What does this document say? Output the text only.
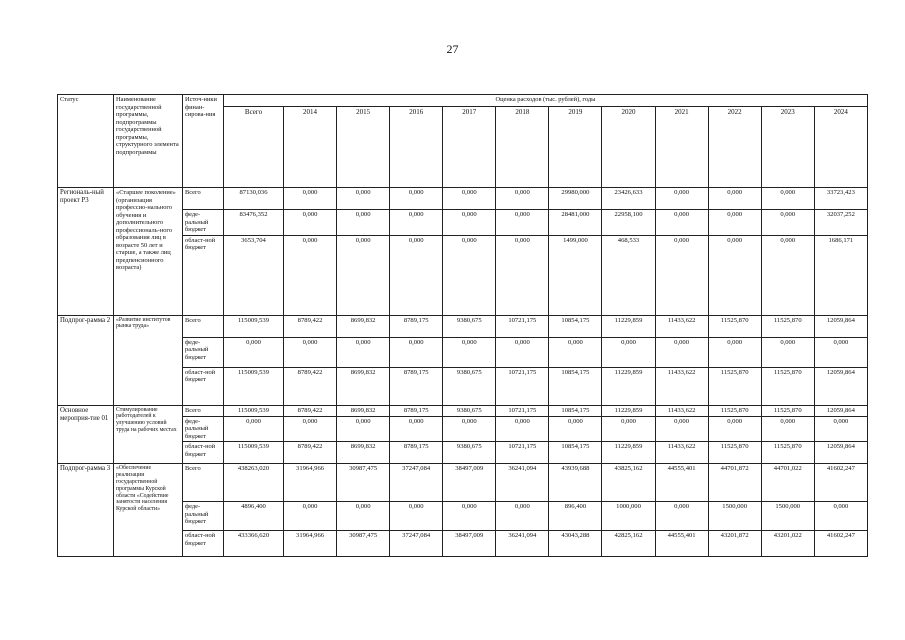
27
Статус	Наименование государственной программы, подпрограммы государственной программы, структурного элемента подпрограммы	Источ-ники финан-сирова-ния	Оценка расходов (тыс. рублей), годы											
			Всего	2014	2015	2016	2017	2018	2019	2020	2021	2022	2023	2024
Региональ-ный проект Р3	«Старшее поколение» (организация профессио-нального обучения и дополнительного профессиональ-ного образования лиц в возрасте 50 лет и старше, а также лиц предпенсионного возраста)	Всего	87130,036	0,000	0,000	0,000	0,000	0,000	29980,000	23426,633	0,000	0,000	0,000	33723,423
		феде-ральный бюджет	83476,352	0,000	0,000	0,000	0,000	0,000	28481,000	22958,100	0,000	0,000	0,000	32037,252
		област-ной бюджет	3653,704	0,000	0,000	0,000	0,000	0,000	1499,000	468,533	0,000	0,000	0,000	1686,171
Подпрог-рамма 2	«Развитие институтов рынка труда»	Всего	115009,539	8789,422	8699,832	8789,175	9380,675	10721,175	10854,175	11229,859	11433,622	11525,870	11525,870	12059,864
		феде-ральный бюджет	0,000	0,000	0,000	0,000	0,000	0,000	0,000	0,000	0,000	0,000	0,000	0,000
		област-ной бюджет	115009,539	8789,422	8699,832	8789,175	9380,675	10721,175	10854,175	11229,859	11433,622	11525,870	11525,870	12059,864
Основное мероприя-тие 01	Стимулирование работодателей к улучшению условий труда на рабочих местах	Всего	115009,539	8789,422	8699,832	8789,175	9380,675	10721,175	10854,175	11229,859	11433,622	11525,870	11525,870	12059,864
		феде-ральный бюджет	0,000	0,000	0,000	0,000	0,000	0,000	0,000	0,000	0,000	0,000	0,000	0,000
		област-ной бюджет	115009,539	8789,422	8699,832	8789,175	9380,675	10721,175	10854,175	11229,859	11433,622	11525,870	11525,870	12059,864
Подпрог-рамма 3	«Обеспечение реализации государственной программы Курской области «Содействие занятости населения Курской области»	Всего	438263,020	31964,966	30987,475	37247,084	38497,009	36241,094	43939,688	43825,162	44555,401	44701,872	44701,022	41602,247
		феде-ральный бюджет	4896,400	0,000	0,000	0,000	0,000	0,000	896,400	1000,000	0,000	1500,000	1500,000	0,000
		област-ной бюджет	433366,620	31964,966	30987,475	37247,084	38497,009	36241,094	43043,288	42825,162	44555,401	43201,872	43201,022	41602,247
